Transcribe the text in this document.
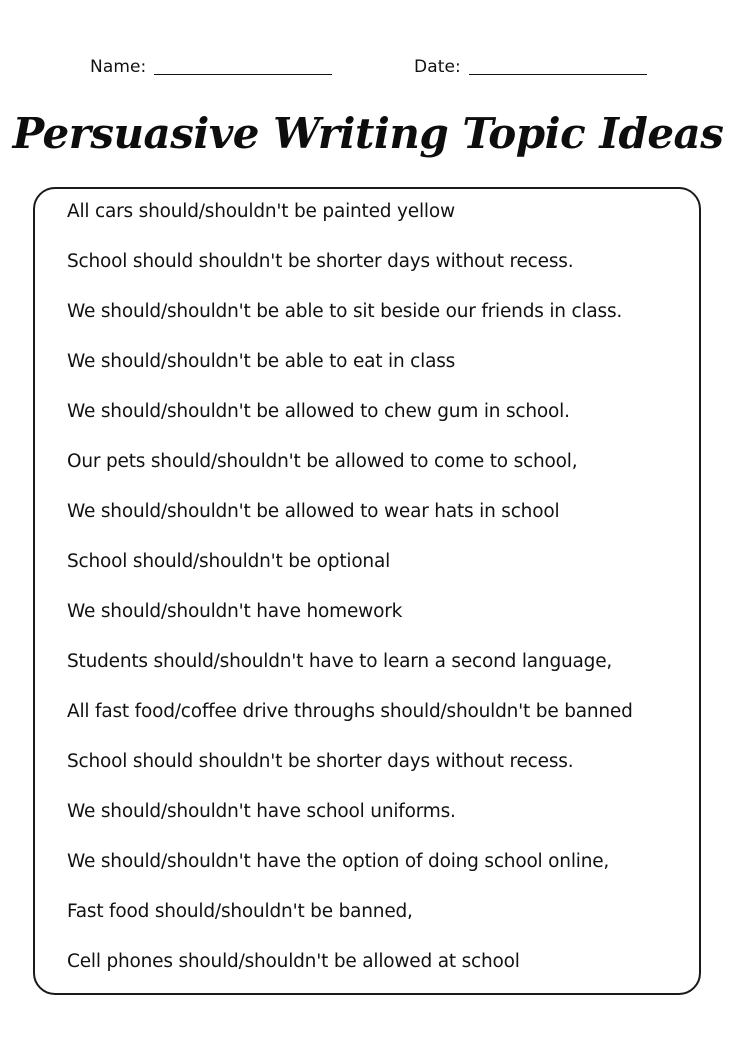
Name:	Date:
Persuasive Writing Topic Ideas
All cars should/shouldn't be painted yellow
School should shouldn't be shorter days without recess.
We should/shouldn't be able to sit beside our friends in class.
We should/shouldn't be able to eat in class
We should/shouldn't be allowed to chew gum in school.
Our pets should/shouldn't be allowed to come to school,
We should/shouldn't be allowed to wear hats in school
School should/shouldn't be optional
We should/shouldn't have homework
Students should/shouldn't have to learn a second language,
All fast food/coffee drive throughs should/shouldn't be banned
School should shouldn't be shorter days without recess.
We should/shouldn't have school uniforms.
We should/shouldn't have the option of doing school online,
Fast food should/shouldn't be banned,
Cell phones should/shouldn't be allowed at school
